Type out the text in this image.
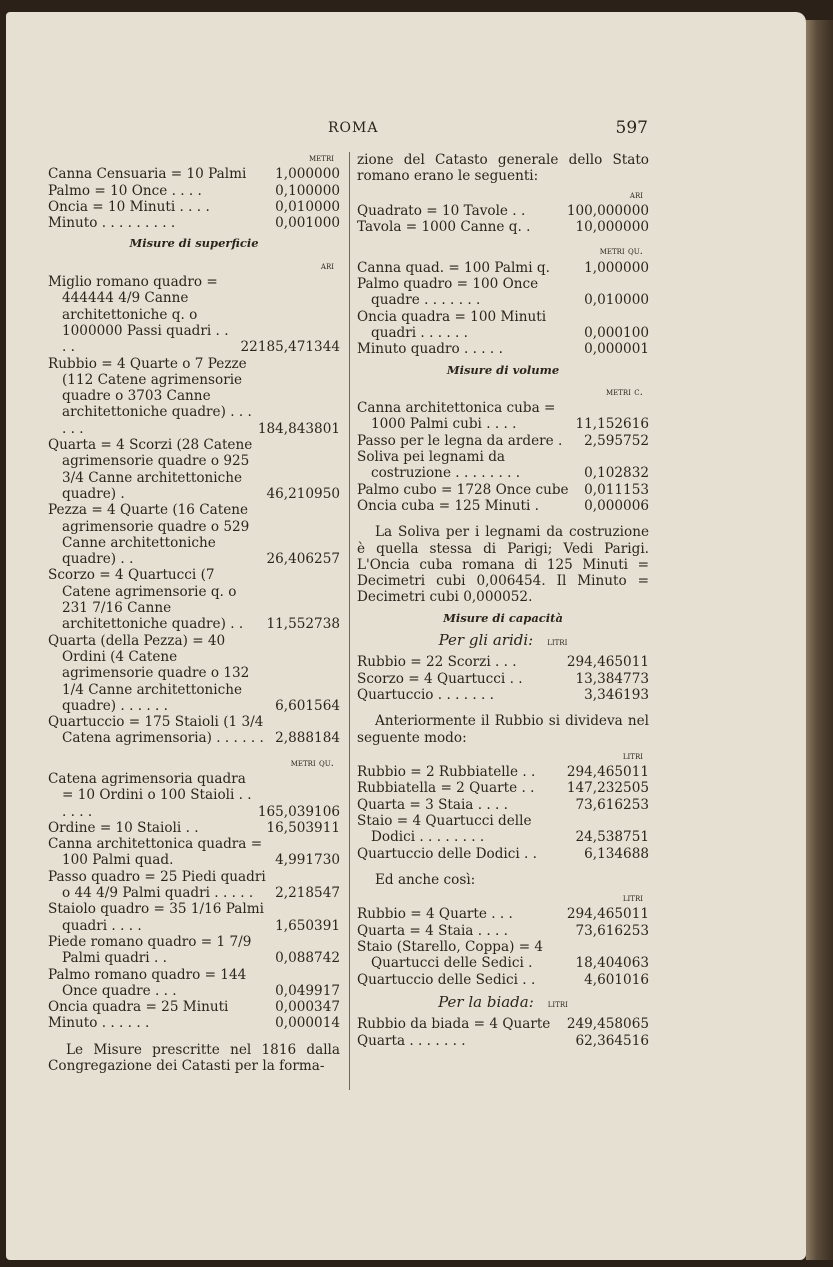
ROMA	597
metri
Canna Censuaria = 10 Palmi	1,000000
Palmo = 10 Once . . . .	0,100000
Oncia = 10 Minuti . . . .	0,010000
Minuto . . . . . . . . .	0,001000
Misure di superficie
ari
Miglio romano quadro = 444444 4/9 Canne architettoniche q. o 1000000 Passi quadri . . . .	22185,471344
Rubbio = 4 Quarte o 7 Pezze (112 Catene agrimensorie quadre o 3703 Canne architettoniche quadre) . . . . . .	184,843801
Quarta = 4 Scorzi (28 Catene agrimensorie quadre o 925 3/4 Canne architettoniche quadre) .	46,210950
Pezza = 4 Quarte (16 Catene agrimensorie quadre o 529 Canne architettoniche quadre) . .	26,406257
Scorzo = 4 Quartucci (7 Catene agrimensorie q. o 231 7/16 Canne architettoniche quadre) . .	11,552738
Quarta (della Pezza) = 40 Ordini (4 Catene agrimensorie quadre o 132 1/4 Canne architettoniche quadre) . . . . . .	6,601564
Quartuccio = 175 Staioli (1 3/4 Catena agrimensoria) . . . . . . 2,888184
metri qu.
Catena agrimensoria quadra = 10 Ordini o 100 Staioli . . . . . .	165,039106
Ordine = 10 Staioli . .	16,503911
Canna architettonica quadra = 100 Palmi quad.	4,991730
Passo quadro = 25 Piedi quadri o 44 4/9 Palmi quadri . . . . .	2,218547
Staiolo quadro = 35 1/16 Palmi quadri . . . .	1,650391
Piede romano quadro = 1 7/9 Palmi quadri . .	0,088742
Palmo romano quadro = 144 Once quadre . . .	0,049917
Oncia quadra = 25 Minuti	0,000347
Minuto . . . . . .	0,000014

Le Misure prescritte nel 1816 dalla Congregazione dei Catasti per la forma-

zione del Catasto generale dello Stato romano erano le seguenti:

ari
Quadrato = 10 Tavole . .	100,000000
Tavola = 1000 Canne q. .	10,000000
metri qu.
Canna quad. = 100 Palmi q.	1,000000
Palmo quadro = 100 Once quadre . . . . . . .	0,010000
Oncia quadra = 100 Minuti quadri . . . . . .	0,000100
Minuto quadro . . . . .	0,000001
Misure di volume
metri c.
Canna architettonica cuba = 1000 Palmi cubi . . . .	11,152616
Passo per le legna da ardere .	2,595752
Soliva pei legnami da costruzione . . . . . . . .	0,102832
Palmo cubo = 1728 Once cube	0,011153
Oncia cuba = 125 Minuti .	0,000006

La Soliva per i legnami da costruzione è quella stessa di Parigi; Vedi Parigi. L'Oncia cuba romana di 125 Minuti = Decimetri cubi 0,006454. Il Minuto = Decimetri cubi 0,000052.

Misure di capacità
Per gli aridi: litri
Rubbio = 22 Scorzi . . .	294,465011
Scorzo = 4 Quartucci . .	13,384773
Quartuccio . . . . . . .	3,346193

Anteriormente il Rubbio si divideva nel seguente modo:

litri
Rubbio = 2 Rubbiatelle . .	294,465011
Rubbiatella = 2 Quarte . .	147,232505
Quarta = 3 Staia . . . .	73,616253
Staio = 4 Quartucci delle Dodici . . . . . . . .	24,538751
Quartuccio delle Dodici . .	6,134688

Ed anche così:

litri
Rubbio = 4 Quarte . . .	294,465011
Quarta = 4 Staia . . . .	73,616253
Staio (Starello, Coppa) = 4 Quartucci delle Sedici .	18,404063
Quartuccio delle Sedici . .	4,601016
Per la biada: litri
Rubbio da biada = 4 Quarte	249,458065
Quarta . . . . . . .	62,364516
